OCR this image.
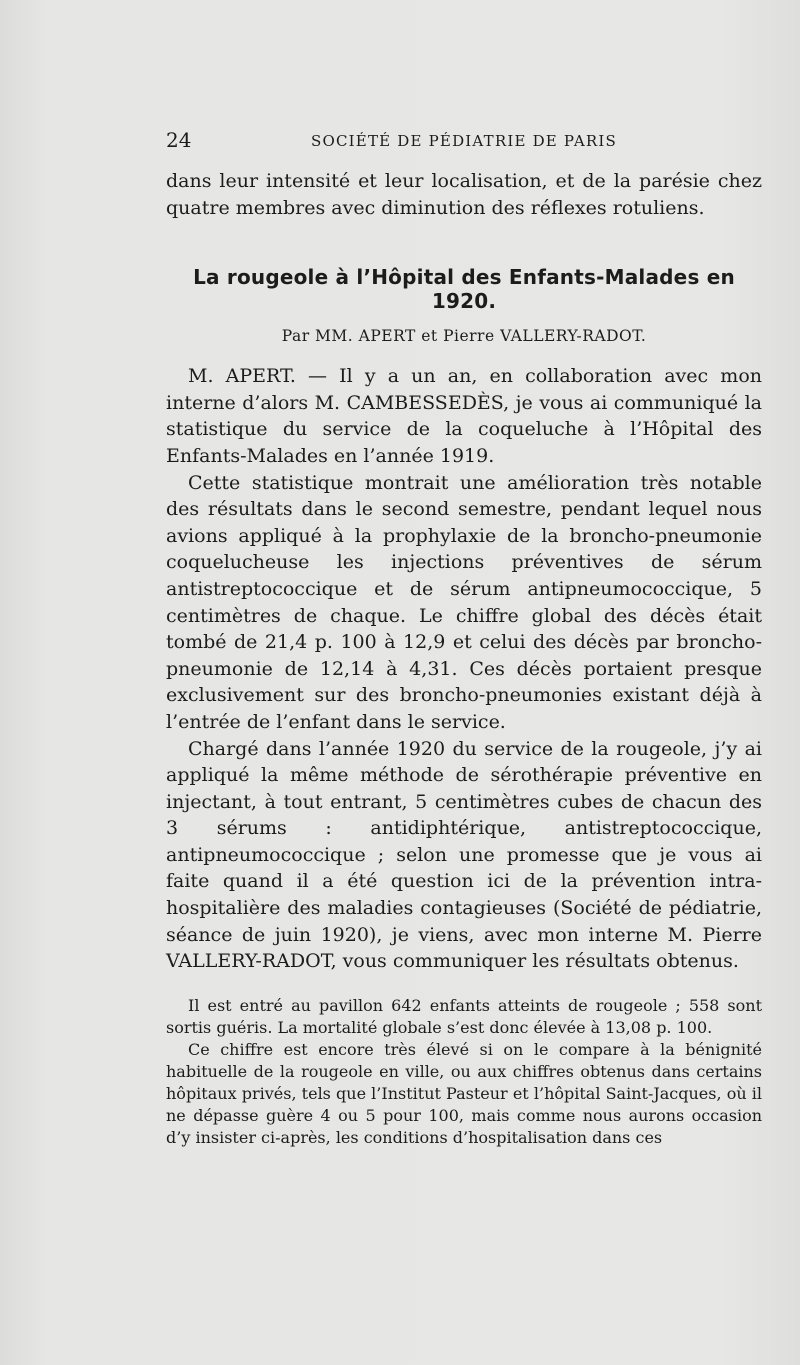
24	SOCIÉTÉ DE PÉDIATRIE DE PARIS

dans leur intensité et leur localisation, et de la parésie chez quatre membres avec diminution des réflexes rotuliens.

La rougeole à l’Hôpital des Enfants-Malades en 1920.

Par MM. APERT et Pierre VALLERY-RADOT.

M. APERT. — Il y a un an, en collaboration avec mon interne d’alors M. CAMBESSEDÈS, je vous ai communiqué la statistique du service de la coqueluche à l’Hôpital des Enfants-Malades en l’année 1919.

Cette statistique montrait une amélioration très notable des résultats dans le second semestre, pendant lequel nous avions appliqué à la prophylaxie de la broncho-pneumonie coquelucheuse les injections préventives de sérum antistreptococcique et de sérum antipneumococcique, 5 centimètres de chaque. Le chiffre global des décès était tombé de 21,4 p. 100 à 12,9 et celui des décès par broncho-pneumonie de 12,14 à 4,31. Ces décès portaient presque exclusivement sur des broncho-pneumonies existant déjà à l’entrée de l’enfant dans le service.

Chargé dans l’année 1920 du service de la rougeole, j’y ai appliqué la même méthode de sérothérapie préventive en injectant, à tout entrant, 5 centimètres cubes de chacun des 3 sérums : antidiphtérique, antistreptococcique, antipneumococcique ; selon une promesse que je vous ai faite quand il a été question ici de la prévention intra-hospitalière des maladies contagieuses (Société de pédiatrie, séance de juin 1920), je viens, avec mon interne M. Pierre VALLERY-RADOT, vous communiquer les résultats obtenus.

Il est entré au pavillon 642 enfants atteints de rougeole ; 558 sont sortis guéris. La mortalité globale s’est donc élevée à 13,08 p. 100.

Ce chiffre est encore très élevé si on le compare à la bénignité habituelle de la rougeole en ville, ou aux chiffres obtenus dans certains hôpitaux privés, tels que l’Institut Pasteur et l’hôpital Saint-Jacques, où il ne dépasse guère 4 ou 5 pour 100, mais comme nous aurons occasion d’y insister ci-après, les conditions d’hospitalisation dans ces
